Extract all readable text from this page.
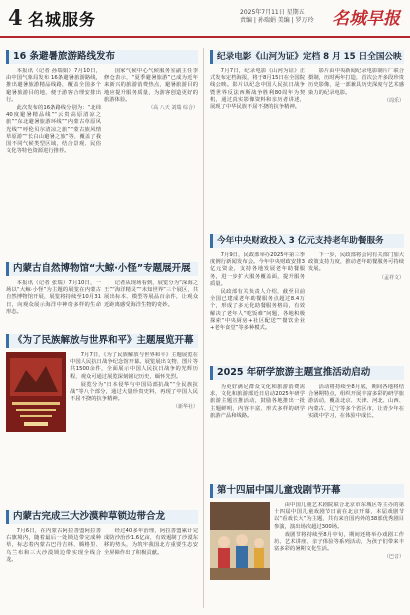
4 名城服务	2025年7月11日 星期五
责编 | 孙瑞娟 美编 | 罗万玲	名城早报
16 条避暑旅游路线发布

本报讯（记者 孙瑞娟）7月10日，由中国气象局发布 16条避暑旅游路线，推出避暑旅游精品线路，覆盖全国多个避暑旅游目的地，便于游客合理安排出行。

此次发布的16条路线分别为：“北纬40度避暑精品线”“云贵高原清凉之旅”“东北避暑旅游环线”“内蒙古草原风光线”“呼伦贝尔清凉之旅”“蒙古族风情草原游”“长白山避暑之旅”等，覆盖了我国不同气候类型区域，结合景观、民俗文化等特色资源进行推荐。

国家气候中心气候服务室副主任李修仓表示，“夏季避暑旅游”已成为近年来新兴的旅游消费热点，避暑旅游目的地应提升服务质量，为游客创造更好的旅游体验。

（高 八天 刘瑞 综合）
内蒙古自然博物馆“大鲸·小怪”专题展开展

本报讯（记者 张瑞）7月10日，一场以“大鲸·小怪”为主题的展览在内蒙古自然博物馆开展，展览将持续至10月31日，向观众展示海洋中神奇多样的生命形态。

记者从现场看到，展览分为“深海之王”“海洋精灵”“未知世界”三个展区，共展出标本、模型等展品百余件，让观众近距离感受海洋生物的奇妙。

《为了民族解放与世界和平》主题展览开幕

7月7日，《为了民族解放与世界和平》主题展览在中国人民抗日战争纪念馆开幕。展览展出文物、图片等共1500余件，全面展示中国人民抗日战争的光辉历程，观众可通过展览深刻铭记历史，缅怀先烈。

展览分为“日本侵华与中国局部抗战”“全民族抗战”等八个部分，通过大量珍贵史料，再现了中国人民不屈不挠的抗争精神。

（新华社）
内蒙古完成三大沙漠种草锁边带合龙

7月6日，在内蒙古阿拉善盟阿拉善右旗境内，随着最后一处锁边带完成种草，标志着内蒙古巴丹吉林、腾格里、乌兰布和三大沙漠锁边带实现全线合龙。

经过40多年治理，阿拉善盟累计完成防沙治沙1.6亿亩，有效遏制了沙漠东移的势头，为筑牢我国北方重要生态安全屏障作出了积极贡献。

纪录电影《山河为证》定档 8 月 15 日全国公映

7月7日，纪录电影《山河为证》正式发布定档海报，将于8月15日在全国院线公映。影片以纪念中国人民抗日战争暨世界反法西斯战争胜利80周年为契机，通过真实影像资料和亲历者讲述，展现了中华民族不屈不挠的抗争精神。

影片由中央新闻纪录电影制片厂联合摄制，历时两年打造，首次公开多段珍贵历史影像，是一部兼具历史深度与艺术感染力的纪录电影。

（周乐）
今年中央财政投入 3 亿元支持老年助餐服务

7月9日，民政部举办2025年第三季度例行新闻发布会。今年中央财政安排3亿元资金，支持各地发展老年助餐服务，进一步扩大服务覆盖面，提升服务质量。

民政部有关负责人介绍，截至目前全国已建成老年助餐服务点超过8.4万个，形成了多元化助餐服务格局，有效解决了老年人“吃饭难”问题，各地积极探索“中央厨房+社区配送”“餐饮企业+老年食堂”等多种模式。

下一步，民政部将会同有关部门加大政策支持力度，推动老年助餐服务可持续发展。

（孟祥文）
2025 年研学旅游主题宣推活动启动

为更好满足群众文化和旅游消费需求，文化和旅游部近日启动2025年研学旅游主题宣推活动，鼓励各地推出一批主题鲜明、内容丰富、形式多样的研学旅游产品和线路。

活动将持续至8月底，期间各地将结合暑期特点，组织开展丰富多彩的研学旅游活动，覆盖北京、天津、河北、山西、内蒙古、辽宁等多个省区市，让青少年在实践中学习，在体验中成长。

第十四届中国儿童戏剧节开幕

由中国儿童艺术剧院联合北京市东城区等主办的第十四届中国儿童戏剧节日前在北京开幕，本届戏剧节以“看戏长大”为主题，共有来自国内外的38部优秀剧目参演，演出场次超过300场。

戏剧节将持续至8月中旬，期间还将举办戏剧工作坊、艺术讲座、亲子体验等系列活动，为孩子们带来丰富多彩的暑期文化生活。

（巴音）
